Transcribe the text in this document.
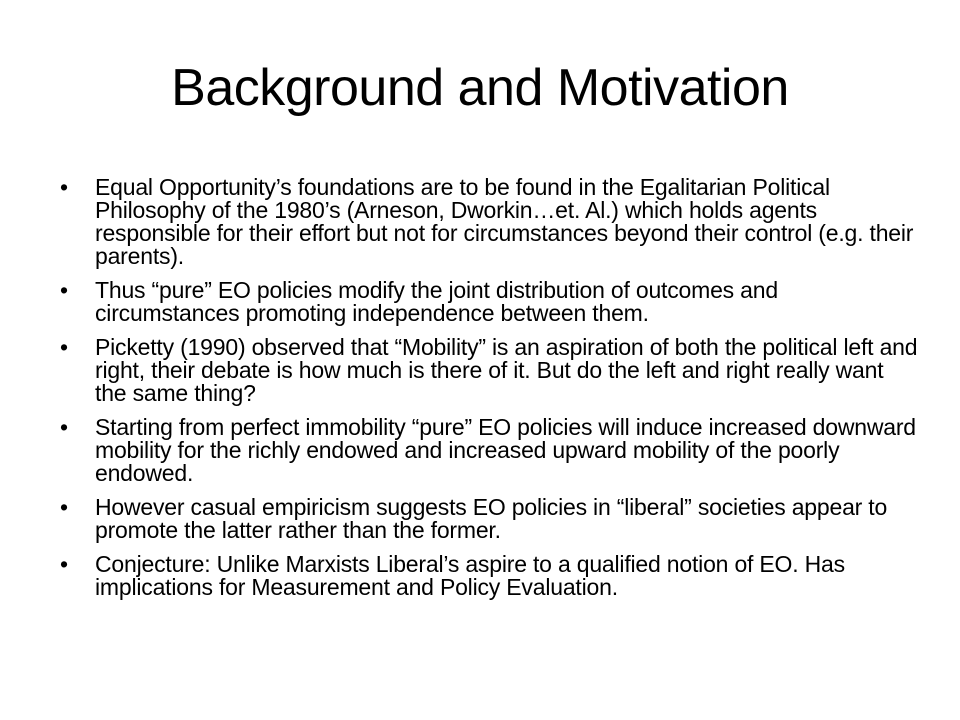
Background and Motivation
• Equal Opportunity’s foundations are to be found in the Egalitarian Political Philosophy of the 1980’s (Arneson, Dworkin…et. Al.) which holds agents responsible for their effort but not for circumstances beyond their control (e.g. their parents).
• Thus “pure” EO policies modify the joint distribution of outcomes and circumstances promoting independence between them.
• Picketty (1990) observed that “Mobility” is an aspiration of both the political left and right, their debate is how much is there of it. But do the left and right really want the same thing?
• Starting from perfect immobility “pure” EO policies will induce increased downward mobility for the richly endowed and increased upward mobility of the poorly endowed.
• However casual empiricism suggests EO policies in “liberal” societies appear to promote the latter rather than the former.
• Conjecture: Unlike Marxists Liberal’s aspire to a qualified notion of EO. Has implications for Measurement and Policy Evaluation.
